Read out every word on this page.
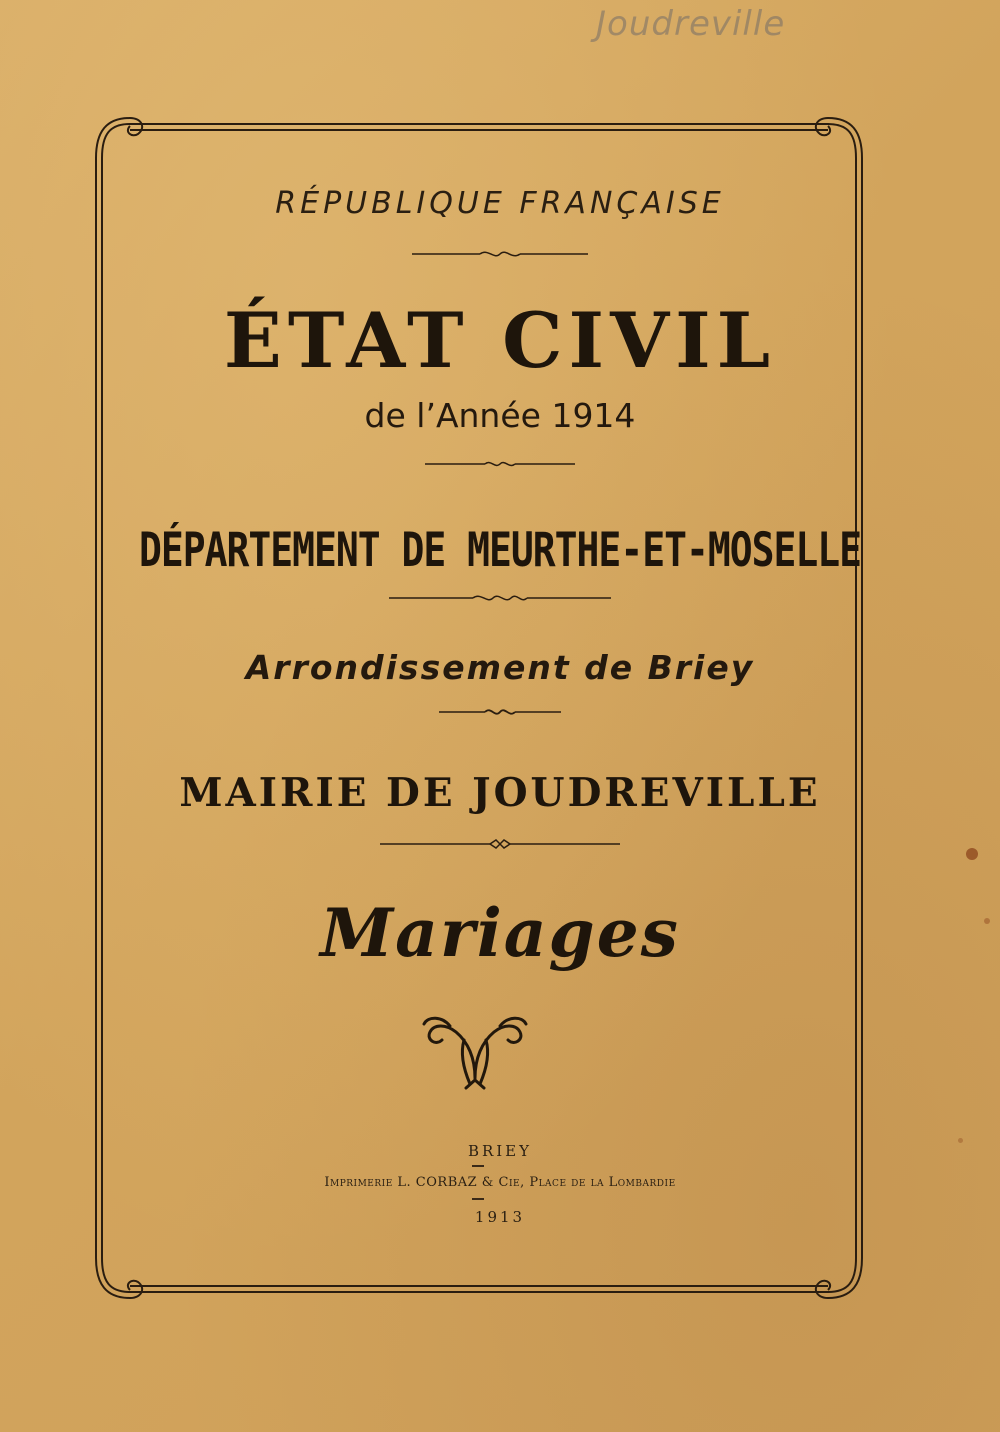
Joudreville
RÉPUBLIQUE FRANÇAISE
ÉTAT CIVIL
de l’Année 1914
DÉPARTEMENT DE MEURTHE-ET-MOSELLE
Arrondissement de Briey
MAIRIE DE JOUDREVILLE
Mariages
BRIEY
Imprimerie L. CORBAZ & Cie, Place de la Lombardie
1913
